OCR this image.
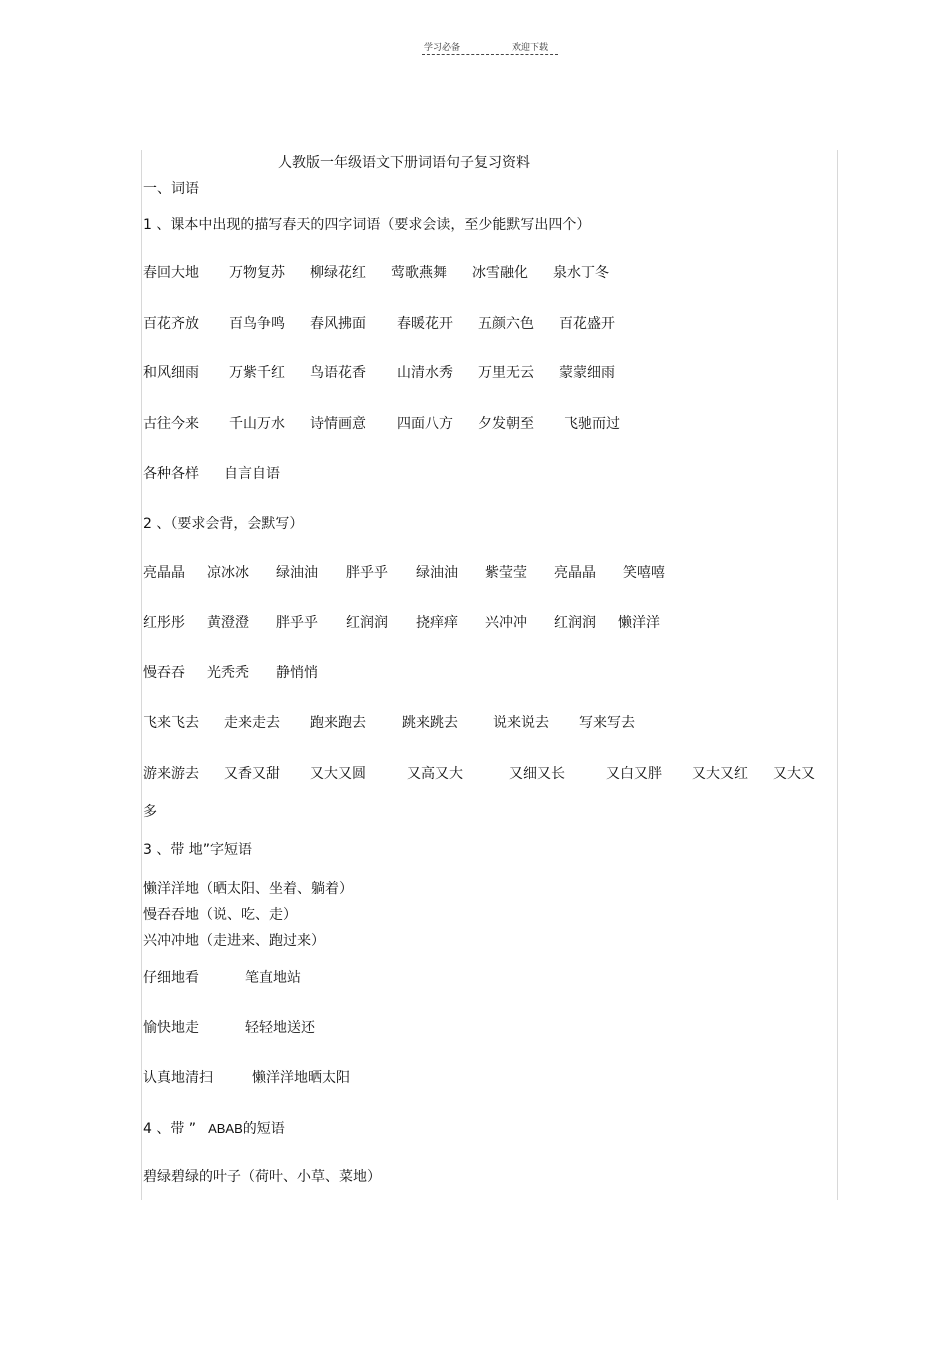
学习必备	欢迎下载
人教版一年级语文下册词语句子复习资料
一、词语
1 、课本中出现的描写春天的四字词语（要求会读，至少能默写出四个）
春回大地 万物复苏 柳绿花红 莺歌燕舞 冰雪融化 泉水丁冬
百花齐放 百鸟争鸣 春风拂面 春暖花开 五颜六色 百花盛开
和风细雨 万紫千红 鸟语花香 山清水秀 万里无云 蒙蒙细雨
古往今来 千山万水 诗情画意 四面八方 夕发朝至 飞驰而过
各种各样 自言自语
2 、（要求会背，会默写）
亮晶晶 凉冰冰 绿油油 胖乎乎 绿油油 紫莹莹 亮晶晶 笑嘻嘻
红彤彤 黄澄澄 胖乎乎 红润润 挠痒痒 兴冲冲 红润润 懒洋洋
慢吞吞 光秃秃 静悄悄
飞来飞去 走来走去 跑来跑去	跳来跳去	说来说去 写来写去
游来游去 又香又甜 又大又圆	又高又大	又细又长	又白又胖 又大又红 又大又
多
3 、带 地”字短语
懒洋洋地（晒太阳、坐着、躺着）
慢吞吞地（说、吃、走）
兴冲冲地（走进来、跑过来）
仔细地看	笔直地站
愉快地走	轻轻地送还
认真地清扫	懒洋洋地晒太阳
4 、带 ” ABAB的短语
碧绿碧绿的叶子（荷叶、小草、菜地）
